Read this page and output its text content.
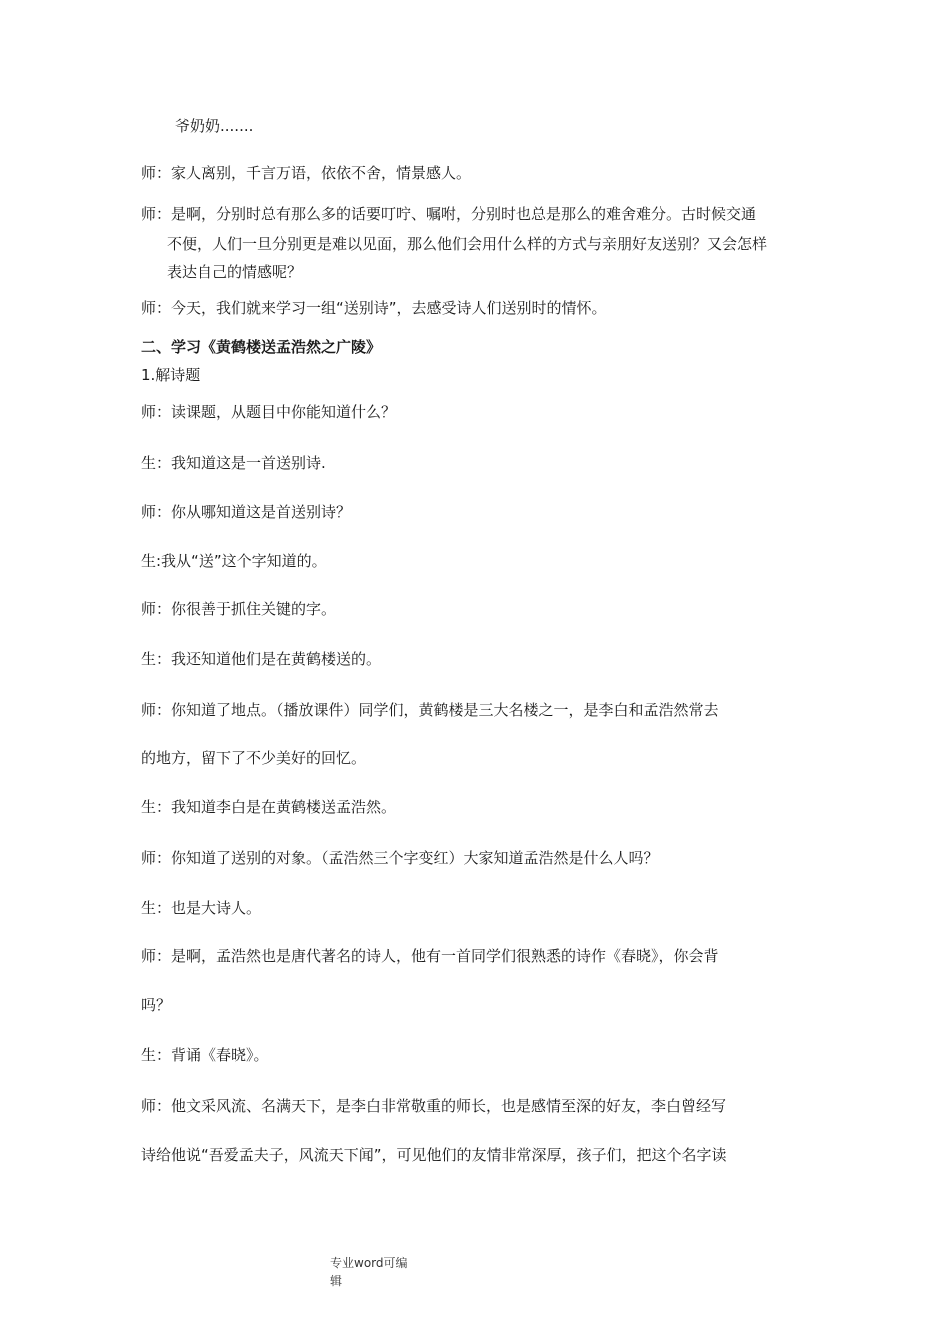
爷奶奶.......
师：家人离别，千言万语，依依不舍，情景感人。
师：是啊，分别时总有那么多的话要叮咛、嘱咐，分别时也总是那么的难舍难分。古时候交通
不便，人们一旦分别更是难以见面，那么他们会用什么样的方式与亲朋好友送别？又会怎样
表达自己的情感呢？
师：今天，我们就来学习一组“送别诗”，去感受诗人们送别时的情怀。
二、学习《黄鹤楼送孟浩然之广陵》
1.解诗题
师：读课题，从题目中你能知道什么？
生：我知道这是一首送别诗.
师：你从哪知道这是首送别诗？
生:我从“送”这个字知道的。
师：你很善于抓住关键的字。
生：我还知道他们是在黄鹤楼送的。
师：你知道了地点。（播放课件）同学们，黄鹤楼是三大名楼之一，是李白和孟浩然常去
的地方，留下了不少美好的回忆。
生：我知道李白是在黄鹤楼送孟浩然。
师：你知道了送别的对象。（孟浩然三个字变红）大家知道孟浩然是什么人吗？
生：也是大诗人。
师：是啊，孟浩然也是唐代著名的诗人，他有一首同学们很熟悉的诗作《春晓》，你会背
吗？
生：背诵《春晓》。
师：他文采风流、名满天下，是李白非常敬重的师长，也是感情至深的好友，李白曾经写
诗给他说“吾爱孟夫子，风流天下闻”，可见他们的友情非常深厚，孩子们，把这个名字读
专业word可编
辑
